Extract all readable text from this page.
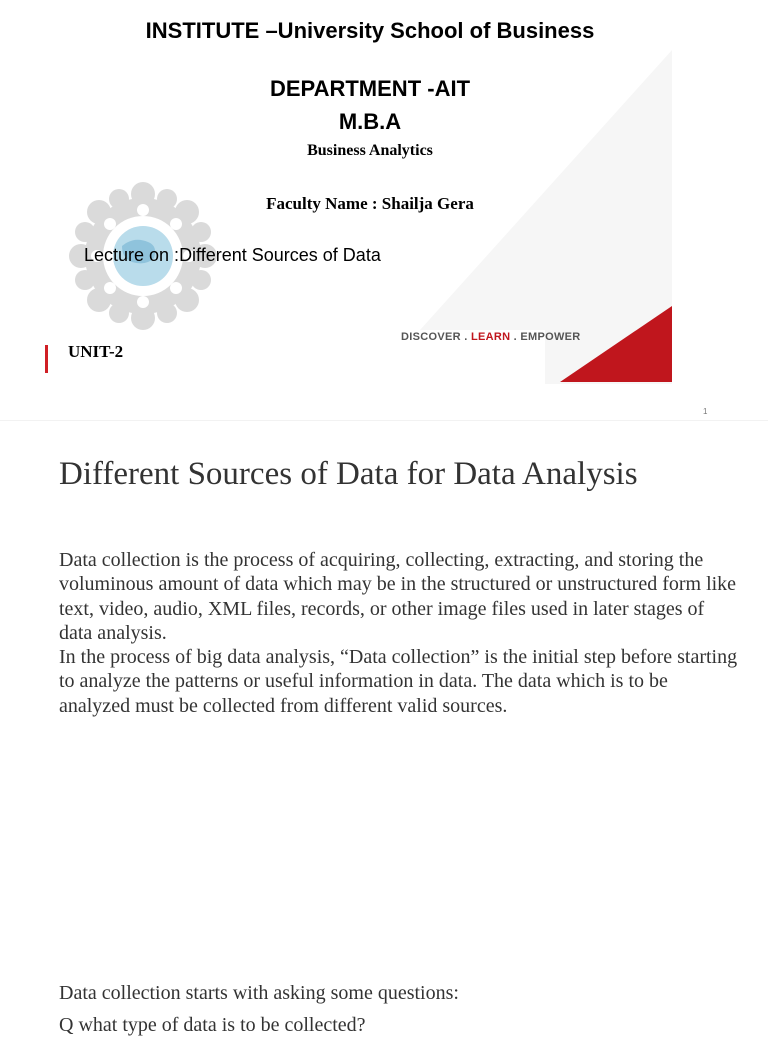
INSTITUTE –University School of Business
DEPARTMENT -AIT
M.B.A
Business Analytics
Faculty Name : Shailja Gera
Lecture on :Different Sources of Data
UNIT-2
DISCOVER . LEARN . EMPOWER
1
Different Sources of Data for Data Analysis

Data collection is the process of acquiring, collecting, extracting, and storing the voluminous amount of data which may be in the structured or unstructured form like text, video, audio, XML files, records, or other image files used in later stages of data analysis.

In the process of big data analysis, “Data collection” is the initial step before starting to analyze the patterns or useful information in data. The data which is to be analyzed must be collected from different valid sources.

Data collection starts with asking some questions:
Q what type of data is to be collected?
